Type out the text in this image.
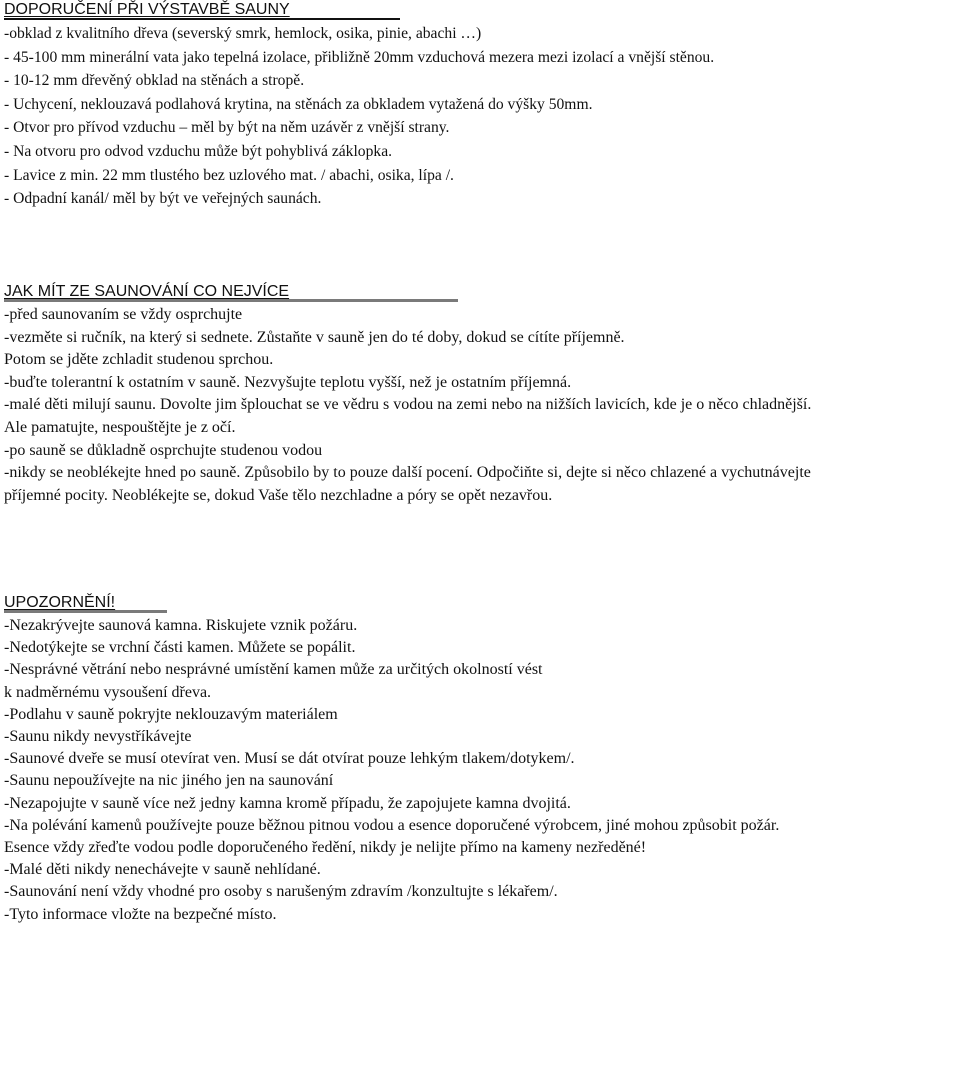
DOPORUČENÍ PŘI VÝSTAVBĚ SAUNY
-obklad z kvalitního dřeva (severský smrk, hemlock, osika, pinie, abachi …)
- 45-100 mm minerální vata jako tepelná izolace, přibližně 20mm vzduchová mezera mezi izolací a vnější stěnou.
- 10-12 mm dřevěný obklad na stěnách a stropě.
- Uchycení, neklouzavá podlahová krytina, na stěnách za obkladem vytažená do výšky 50mm.
- Otvor pro přívod vzduchu – měl by být na něm uzávěr z vnější strany.
- Na otvoru pro odvod vzduchu může být pohyblivá záklopka.
- Lavice z min. 22 mm tlustého bez uzlového mat. / abachi, osika, lípa /.
- Odpadní kanál/ měl by být ve veřejných saunách.
JAK MÍT ZE SAUNOVÁNÍ CO NEJVÍCE
-před saunovaním se vždy osprchujte
-vezměte si ručník, na který si sednete. Zůstaňte v sauně jen do té doby, dokud se cítíte příjemně.
Potom se jděte zchladit studenou sprchou.
-buďte tolerantní k ostatním v sauně. Nezvyšujte teplotu vyšší, než je ostatním příjemná.
-malé děti milují saunu. Dovolte jim šplouchat se ve vědru s vodou na zemi nebo na nižších lavicích, kde je o něco chladnější.
Ale pamatujte, nespouštějte je z očí.
-po sauně se důkladně osprchujte studenou vodou
-nikdy se neoblékejte hned po sauně. Způsobilo by to pouze další pocení. Odpočiňte si, dejte si něco chlazené a vychutnávejte
příjemné pocity. Neoblékejte se, dokud Vaše tělo nezchladne a póry se opět nezavřou.
UPOZORNĚNÍ!
-Nezakrývejte saunová kamna. Riskujete vznik požáru.
-Nedotýkejte se vrchní části kamen. Můžete se popálit.
-Nesprávné větrání nebo nesprávné umístění kamen může za určitých okolností vést
k nadměrnému vysoušení dřeva.
-Podlahu v sauně pokryjte neklouzavým materiálem
-Saunu nikdy nevystříkávejte
-Saunové dveře se musí otevírat ven. Musí se dát otvírat pouze lehkým tlakem/dotykem/.
-Saunu nepoužívejte na nic jiného jen na saunování
-Nezapojujte v sauně více než jedny kamna kromě případu, že zapojujete kamna dvojitá.
-Na polévání kamenů používejte pouze běžnou pitnou vodou a esence doporučené výrobcem, jiné mohou způsobit požár.
Esence vždy zřeďte vodou podle doporučeného ředění, nikdy je nelijte přímo na kameny nezředěné!
-Malé děti nikdy nenechávejte v sauně nehlídané.
-Saunování není vždy vhodné pro osoby s narušeným zdravím /konzultujte s lékařem/.
-Tyto informace vložte na bezpečné místo.
